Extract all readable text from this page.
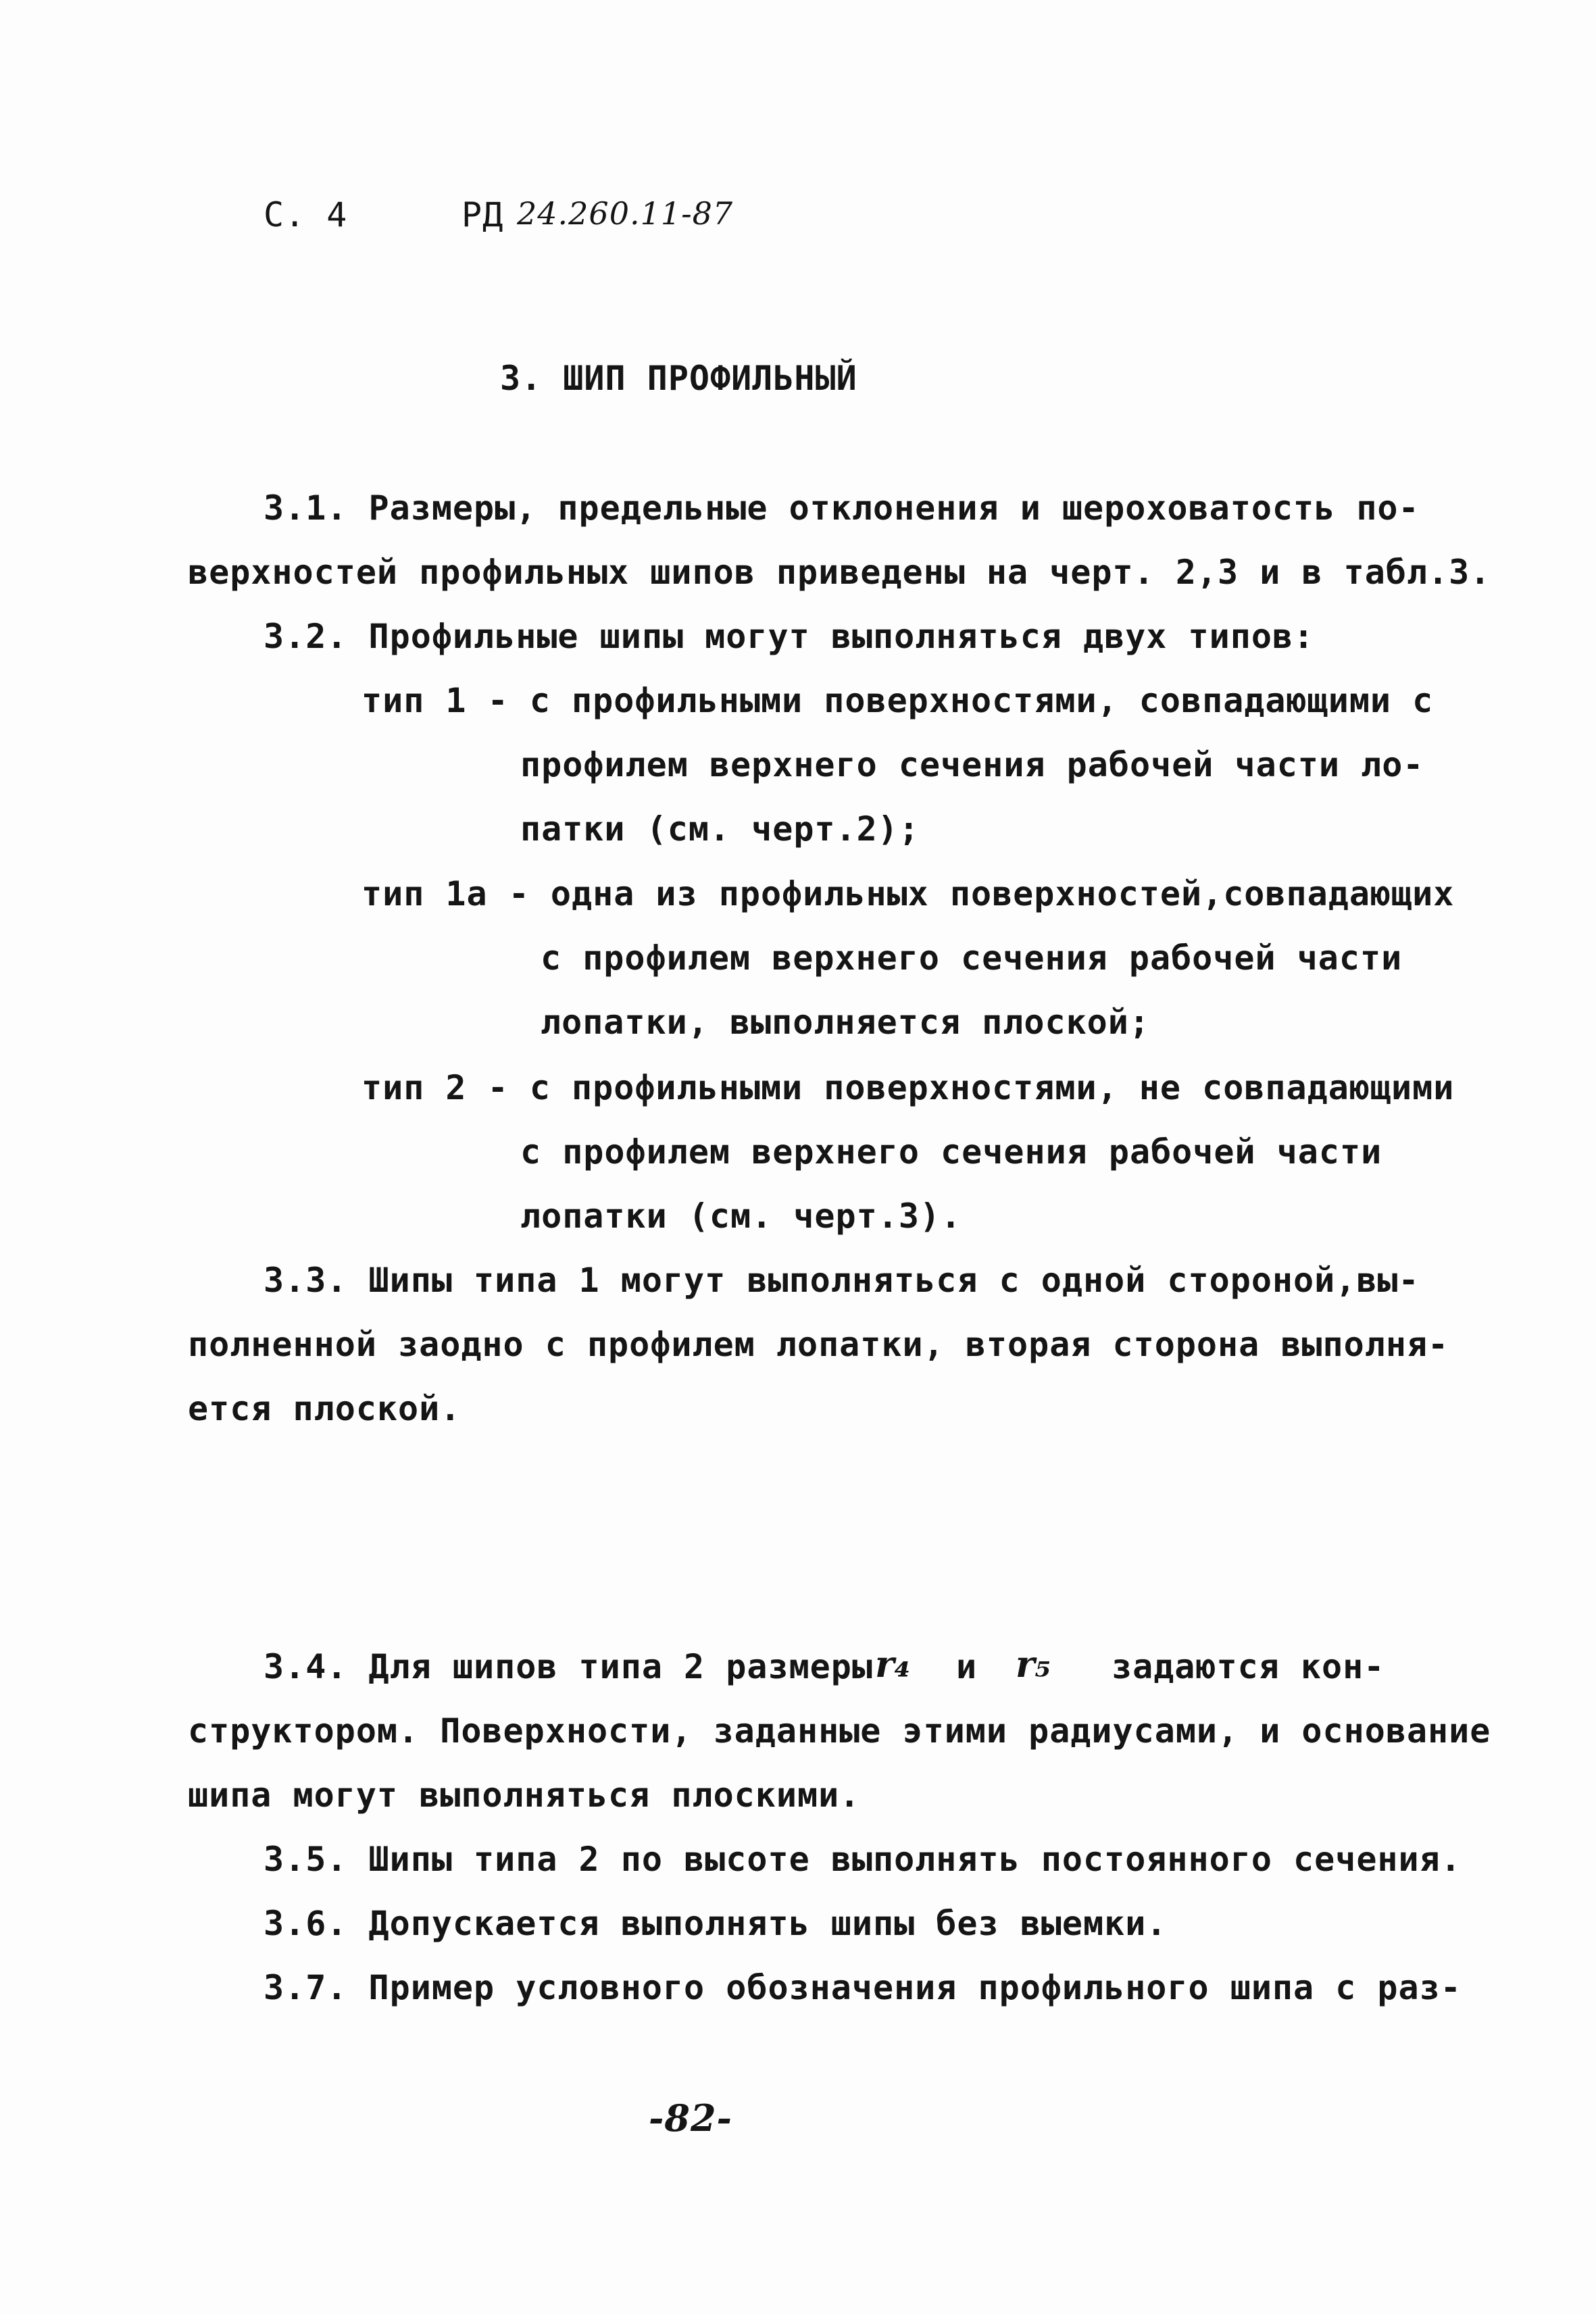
С. 4	РД 24.260.11-87
3. ШИП ПРОФИЛЬНЫЙ
3.1. Размеры, предельные отклонения и шероховатость по-
верхностей профильных шипов приведены на черт. 2,3 и в табл.3.
3.2. Профильные шипы могут выполняться двух типов:
тип 1 - с профильными поверхностями, совпадающими с
профилем верхнего сечения рабочей части ло-
патки (см. черт.2);
тип 1а - одна из профильных поверхностей,совпадающих
с профилем верхнего сечения рабочей части
лопатки, выполняется плоской;
тип 2 - с профильными поверхностями, не совпадающими
с профилем верхнего сечения рабочей части
лопатки (см. черт.3).
3.3. Шипы типа 1 могут выполняться с одной стороной,вы-
полненной заодно с профилем лопатки, вторая сторона выполня-
ется плоской.
3.4. Для шипов типа 2 размеры r₄ и r₅ задаются кон-
структором. Поверхности, заданные этими радиусами, и основание
шипа могут выполняться плоскими.
3.5. Шипы типа 2 по высоте выполнять постоянного сечения.
3.6. Допускается выполнять шипы без выемки.
3.7. Пример условного обозначения профильного шипа с раз-
-82-
